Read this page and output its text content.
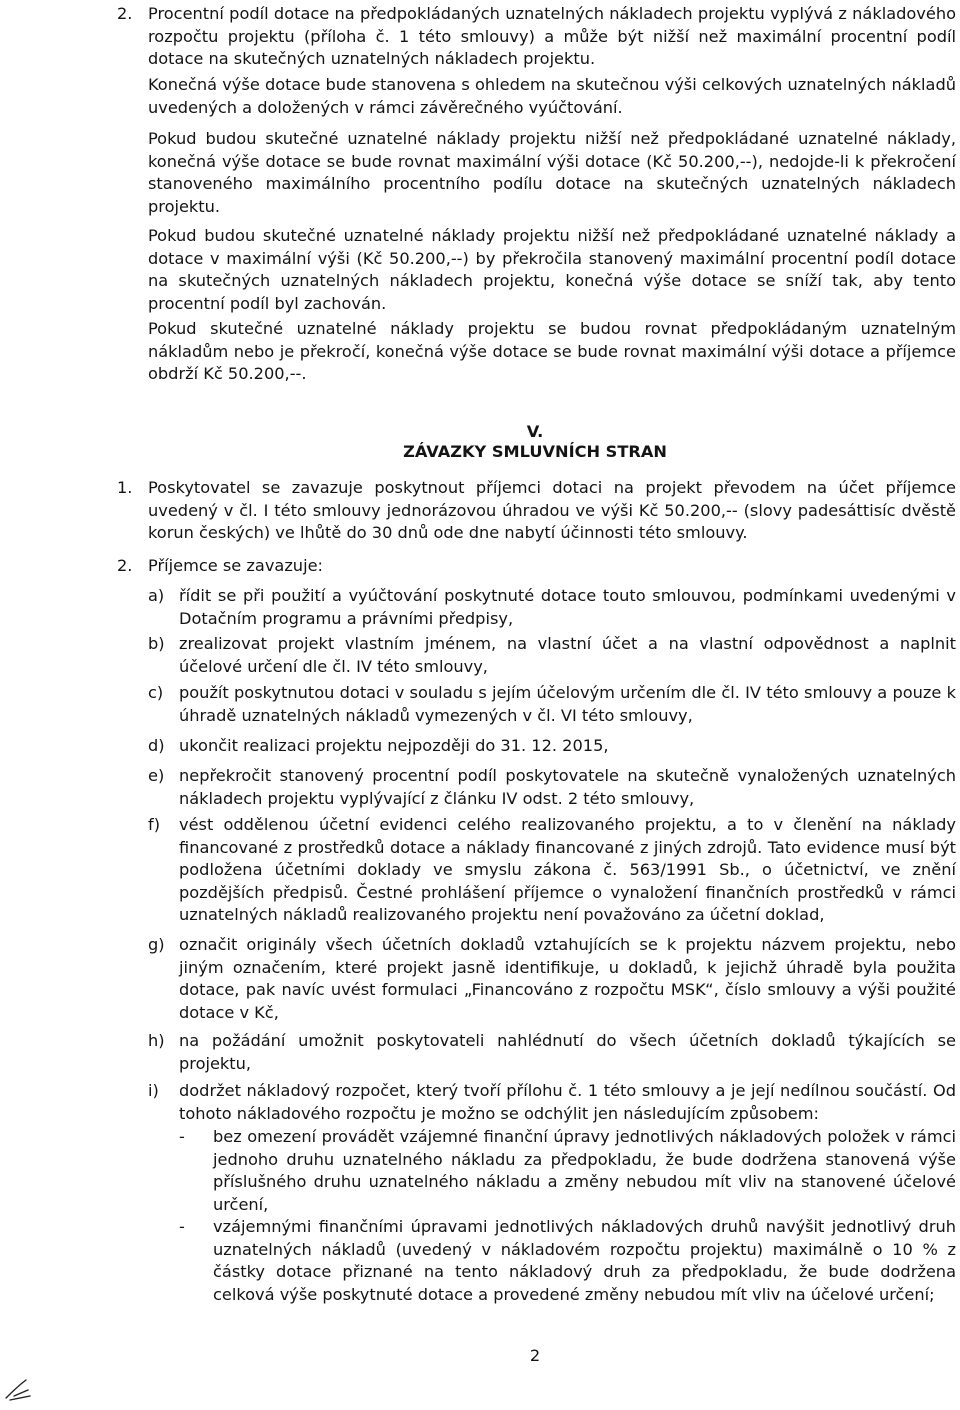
2. Procentní podíl dotace na předpokládaných uznatelných nákladech projektu vyplývá z nákladového rozpočtu projektu (příloha č. 1 této smlouvy) a může být nižší než maximální procentní podíl dotace na skutečných uznatelných nákladech projektu.

Konečná výše dotace bude stanovena s ohledem na skutečnou výši celkových uznatelných nákladů uvedených a doložených v rámci závěrečného vyúčtování.

Pokud budou skutečné uznatelné náklady projektu nižší než předpokládané uznatelné náklady, konečná výše dotace se bude rovnat maximální výši dotace (Kč 50.200,--), nedojde-li k překročení stanoveného maximálního procentního podílu dotace na skutečných uznatelných nákladech projektu.

Pokud budou skutečné uznatelné náklady projektu nižší než předpokládané uznatelné náklady a dotace v maximální výši (Kč 50.200,--) by překročila stanovený maximální procentní podíl dotace na skutečných uznatelných nákladech projektu, konečná výše dotace se sníží tak, aby tento procentní podíl byl zachován.

Pokud skutečné uznatelné náklady projektu se budou rovnat předpokládaným uznatelným nákladům nebo je překročí, konečná výše dotace se bude rovnat maximální výši dotace a příjemce obdrží Kč 50.200,--.

V.
ZÁVAZKY SMLUVNÍCH STRAN
1. Poskytovatel se zavazuje poskytnout příjemci dotaci na projekt převodem na účet příjemce uvedený v čl. I této smlouvy jednorázovou úhradou ve výši Kč 50.200,-- (slovy padesáttisíc dvěstě korun českých) ve lhůtě do 30 dnů ode dne nabytí účinnosti této smlouvy.

2. Příjemce se zavazuje:

a) řídit se při použití a vyúčtování poskytnuté dotace touto smlouvou, podmínkami uvedenými v Dotačním programu a právními předpisy,

b) zrealizovat projekt vlastním jménem, na vlastní účet a na vlastní odpovědnost a naplnit účelové určení dle čl. IV této smlouvy,

c) použít poskytnutou dotaci v souladu s jejím účelovým určením dle čl. IV této smlouvy a pouze k úhradě uznatelných nákladů vymezených v čl. VI této smlouvy,

d) ukončit realizaci projektu nejpozději do 31. 12. 2015,

e) nepřekročit stanovený procentní podíl poskytovatele na skutečně vynaložených uznatelných nákladech projektu vyplývající z článku IV odst. 2 této smlouvy,

f) vést oddělenou účetní evidenci celého realizovaného projektu, a to v členění na náklady financované z prostředků dotace a náklady financované z jiných zdrojů. Tato evidence musí být podložena účetními doklady ve smyslu zákona č. 563/1991 Sb., o účetnictví, ve znění pozdějších předpisů. Čestné prohlášení příjemce o vynaložení finančních prostředků v rámci uznatelných nákladů realizovaného projektu není považováno za účetní doklad,

g) označit originály všech účetních dokladů vztahujících se k projektu názvem projektu, nebo jiným označením, které projekt jasně identifikuje, u dokladů, k jejichž úhradě byla použita dotace, pak navíc uvést formulaci „Financováno z rozpočtu MSK“, číslo smlouvy a výši použité dotace v Kč,

h) na požádání umožnit poskytovateli nahlédnutí do všech účetních dokladů týkajících se projektu,

i) dodržet nákladový rozpočet, který tvoří přílohu č. 1 této smlouvy a je její nedílnou součástí. Od tohoto nákladového rozpočtu je možno se odchýlit jen následujícím způsobem:

- bez omezení provádět vzájemné finanční úpravy jednotlivých nákladových položek v rámci jednoho druhu uznatelného nákladu za předpokladu, že bude dodržena stanovená výše příslušného druhu uznatelného nákladu a změny nebudou mít vliv na stanovené účelové určení,

- vzájemnými finančními úpravami jednotlivých nákladových druhů navýšit jednotlivý druh uznatelných nákladů (uvedený v nákladovém rozpočtu projektu) maximálně o 10 % z částky dotace přiznané na tento nákladový druh za předpokladu, že bude dodržena celková výše poskytnuté dotace a provedené změny nebudou mít vliv na účelové určení;

2
